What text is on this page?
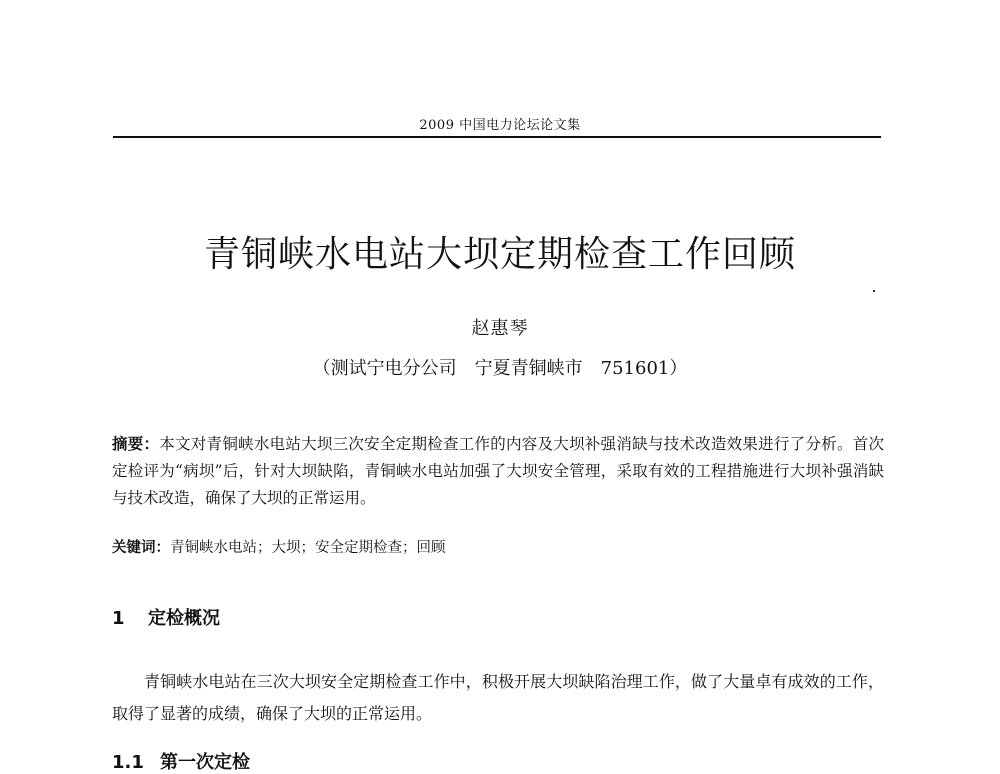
2009 中国电力论坛论文集
青铜峡水电站大坝定期检查工作回顾
赵惠琴
（测试宁电分公司　宁夏青铜峡市　751601）
摘要：本文对青铜峡水电站大坝三次安全定期检查工作的内容及大坝补强消缺与技术改造效果进行了分析。首次定检评为“病坝”后，针对大坝缺陷，青铜峡水电站加强了大坝安全管理，采取有效的工程措施进行大坝补强消缺与技术改造，确保了大坝的正常运用。
关键词：青铜峡水电站；大坝；安全定期检查；回顾
1 定检概况
青铜峡水电站在三次大坝安全定期检查工作中，积极开展大坝缺陷治理工作，做了大量卓有成效的工作，取得了显著的成绩，确保了大坝的正常运用。
1.1 第一次定检
